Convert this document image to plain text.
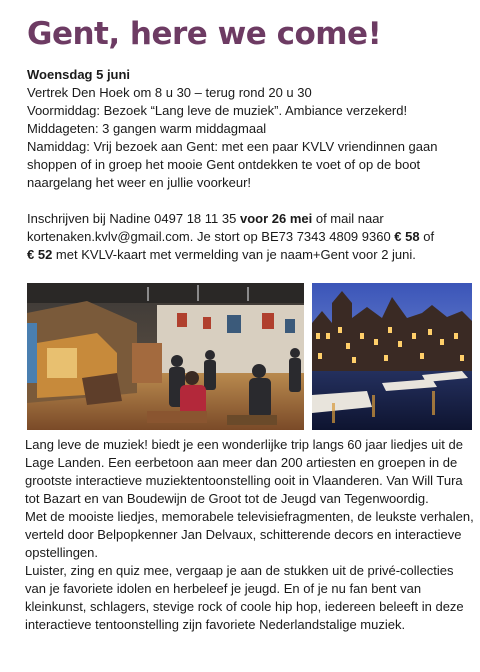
Gent, here we come!
Woensdag 5 juni
Vertrek Den Hoek om 8 u 30 – terug rond 20 u 30
Voormiddag: Bezoek “Lang leve de muziek”. Ambiance verzekerd!
Middageten: 3 gangen warm middagmaal
Namiddag: Vrij bezoek aan Gent: met een paar KVLV vriendinnen gaan
shoppen of in groep het mooie Gent ontdekken te voet of op de boot
naargelang het weer en jullie voorkeur!
Inschrijven bij Nadine 0497 18 11 35 voor 26 mei of mail naar
kortenaken.kvlv@gmail.com. Je stort op BE73 7343 4809 9360 € 58 of
€ 52 met KVLV-kaart met vermelding van je naam+Gent voor 2 juni.

Lang leve de muziek! biedt je een wonderlijke trip langs 60 jaar liedjes uit de Lage Landen. Een eerbetoon aan meer dan 200 artiesten en groepen in de grootste interactieve muziektentoonstelling ooit in Vlaanderen. Van Will Tura tot Bazart en van Boudewijn de Groot tot de Jeugd van Tegenwoordig.

Met de mooiste liedjes, memorabele televisiefragmenten, de leukste verhalen, verteld door Belpopkenner Jan Delvaux, schitterende decors en interactieve opstellingen.

Luister, zing en quiz mee, vergaap je aan de stukken uit de privé-collecties van je favoriete idolen en herbeleef je jeugd. En of je nu fan bent van kleinkunst, schlagers, stevige rock of coole hip hop, iedereen beleeft in deze interactieve tentoonstelling zijn favoriete Nederlandstalige muziek.
